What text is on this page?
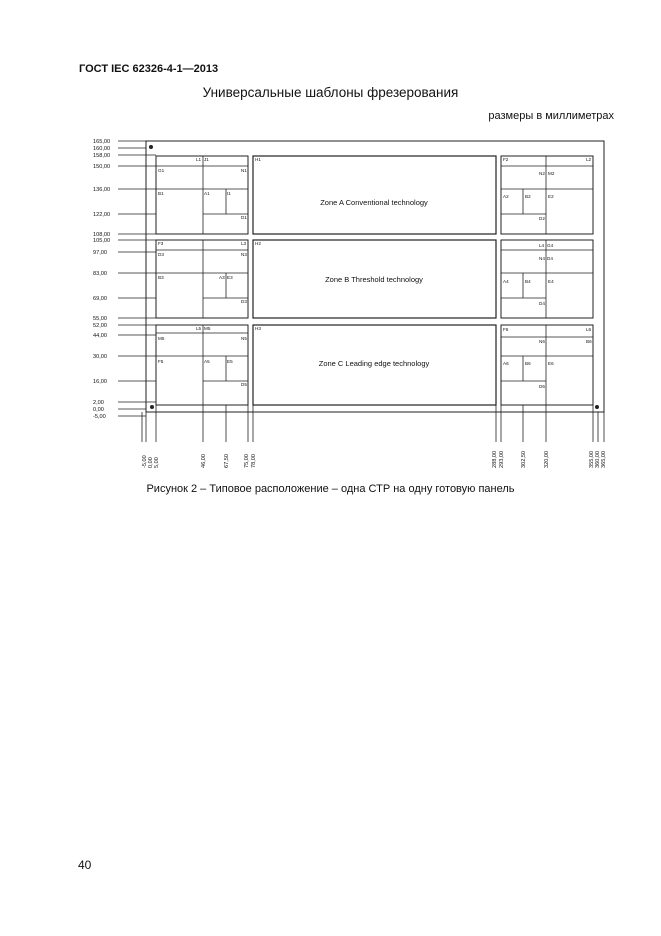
ГОСТ IEC 62326-4-1—2013
Универсальные шаблоны фрезерования
размеры в миллиметрах
L1 J1
G1	N1
B1	A1	I1
D1
H1
Zone A Conventional technology
F2	L2
N2 M2
A2	B2	E2
D2
F3	L3
D3	N3
B3	A3 E3
D3
H2
Zone B Threshold technology
L4 G4
N4 D4
A4	B4	E4
D4
L5 M5
M5	N5
F5	A5	E5
D5
H3
Zone C Leading edge technology
F6	L6
N6	B6
A6	B6	E6
D6
165,00
160,00
158,00
150,00
136,00
122,00
108,00
105,00
97,00
83,00
69,00
55,00
52,00
44,00
30,00
16,00
2,00
0,00
-5,00
-5,00 0,00 5,00	46,00	67,50	75,00 78,00	288,00 293,00	302,50	320,00	355,00 360,00 365,00
Рисунок 2 – Типовое расположение – одна СТР на одну готовую панель
40
